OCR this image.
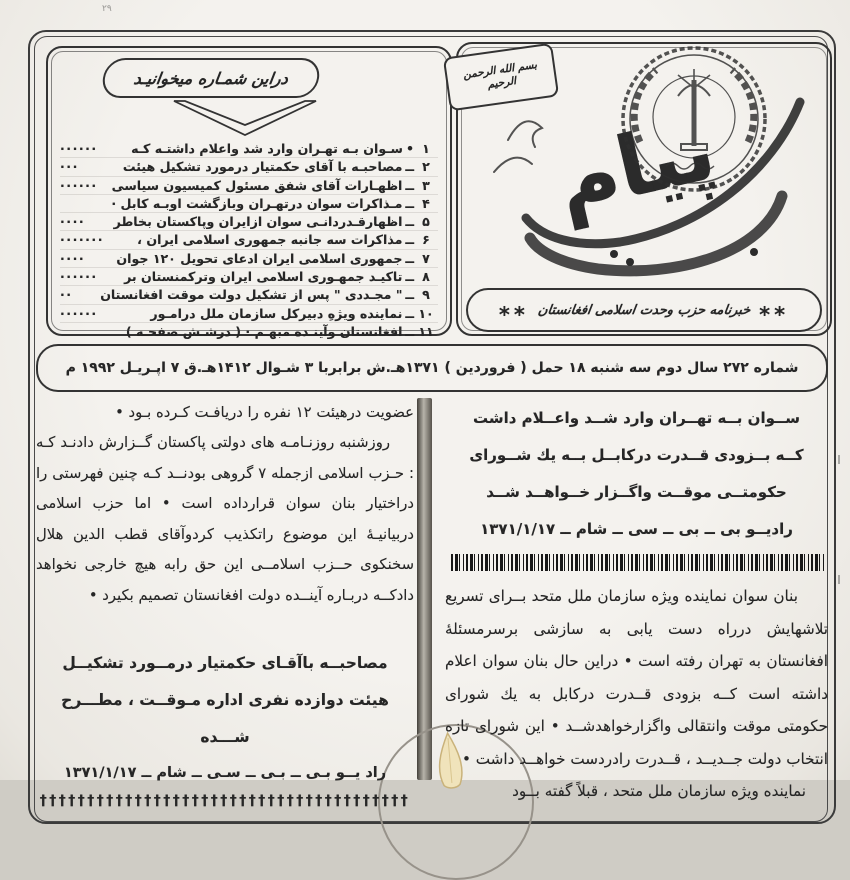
٢٩
بسم الله الرحمن الرحیم
پیام
**
خبرنامه حزب وحدت اسلامی افغانستان
**
دراین شمـاره میخوانیـد
۱
•
سـوان بـه تهـران وارد شد واعلام داشتـه کـه
······
۲
ــ
مصاحبـه با آقای حکمتیار درمورد تشکیل هیئت
···
۳
ــ
اظهـارات آقای شفق مسئول کمیسیون سیاسی
······
۴
ــ
مـذاکرات سوان درتهـران وبازگشت اوبـه کابل ·
۵
ــ
اظهارقـدردانـی سوان ازایران وپاکستان بخاطر
····
۶
ــ
مذاکرات سه جانبه جمهوری اسلامی ایران ،
·······
۷
ــ
جمهوری اسلامی ایران ادعای تحویل ۱۲۰ جوان
····
۸
ــ
تاکیـد جمهـوری اسلامی ایران وترکمنستان بر
······
۹
ــ
" مجـددی " پس از تشکیل دولت موقت افغانستان
··
۱۰
ــ
نماینده ویژهِ دبیرکل سازمان ملل درامـور
······
۱۱
ــ
افغانستان وآینـده مبهـم · ( درشـش صفحـه )
شماره ۲۷۲ سال دوم سه شنبه ۱۸ حمل ( فروردین ) ۱۳۷۱هـ.ش برابربا ۳ شـوال ۱۴۱۲هـ.ق ۷ اپـریـل ۱۹۹۲ م
ســوان بــه تهــران وارد شــد واعــلام داشت
کــه بــزودی قــدرت درکابــل بــه یك شــورای
حکومتــی موقــت واگــزار خــواهــد شــد
رادیــو بی ــ بی ــ سی ــ شام ــ ۱۳۷۱/۱/۱۷
بنان سوان نماینده ویژه سازمان ملل متحد بــرای تسریع تلاشهایش درراه دست یابی به سازشی برسرمسئلهٔ افغانستان به تهران رفته است • دراین حال بنان سوان اعلام داشته است کــه بزودی قــدرت درکابل به یك شورای حکومتی موقت وانتقالی واگزارخواهدشــد • این شورای تازه انتخاب دولت جــدیــد ، قــدرت رادردست خواهــد داشت •
نماینده ویژه سازمان ملل متحد ، قبلاً گفته بــود
عضویت درهیئت ۱۲ نفره را دریافـت کـرده بـود •
روزشنبه روزنـامـه های دولتی پاکستان گــزارش دادنـد کـه : حـزب اسلامی ازجمله ۷ گروهی بودنــد کـه چنین فهرستی را دراختیار بنان سوان قرارداده است • اما حزب اسلامی دربیانیـهٔ این موضوع راتکذیب کردوآقای قطب الدین هلال سخنکوی حــزب اسلامــی این حق رابه هیچ خارجی نخواهد دادکــه دربـاره آینــده دولت افغانستان تصمیم بکیرد •
مصاحبــه باآقـای حکمتیار درمــورد تشکیــل
هیئت دوازده نفری اداره مـوقــت ، مطـــرح
شـــده
راد یــو بـی ــ بـی ــ سـی ــ شام ــ ۱۳۷۱/۱/۱۷
†††††††††††††††††††††††††††††††††††††††
